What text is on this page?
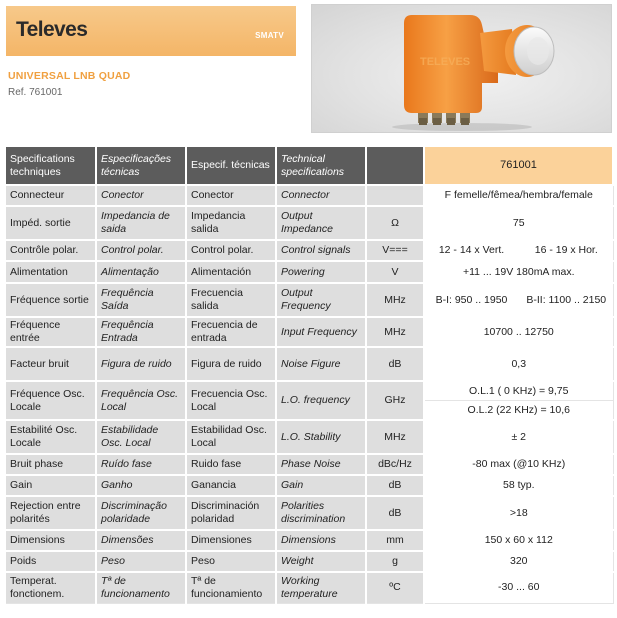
Televes	SMATV
UNIVERSAL LNB QUAD
Ref. 761001
TELEVES
Specifications techniques	Especificações técnicas	Especif. técnicas	Technical specifications		761001	
Connecteur	Conector	Conector	Connector		F femelle/fêmea/hembra/female	
Impéd. sortie	Impedancia de saida	Impedancia salida	Output Impedance	Ω	75	
Contrôle polar.	Control polar.	Control polar.	Control signals	V===	12 - 14 x Vert.	16 - 19 x Hor.
Alimentation	Alimentação	Alimentación	Powering	V	+11 ... 19V 180mA max.	
Fréquence sortie	Frequência Saída	Frecuencia salida	Output Frequency	MHz	B-I: 950 .. 1950	B-II: 1100 .. 2150
Fréquence entrée	Frequência Entrada	Frecuencia de entrada	Input Frequency	MHz	10700 .. 12750	
Facteur bruit	Figura de ruido	Figura de ruido	Noise Figure	dB	0,3	
Fréquence Osc. Locale	Frequência Osc. Local	Frecuencia Osc. Local	L.O. frequency	GHz	O.L.1 ( 0 KHz) = 9,75
O.L.2 (22 KHz) = 10,6	

Estabilité Osc. Locale	Estabilidade Osc. Local	Estabilidad Osc. Local	L.O. Stability	MHz	± 2	
Bruit phase	Ruído fase	Ruido fase	Phase Noise	dBc/Hz	-80 max (@10 KHz)	
Gain	Ganho	Ganancia	Gain	dB	58 typ.	
Rejection entre polarités	Discriminação polaridade	Discriminación polaridad	Polarities discrimination	dB	>18	
Dimensions	Dimensões	Dimensiones	Dimensions	mm	150 x 60 x 112	
Poids	Peso	Peso	Weight	g	320	
Temperat. fonctionem.	Tª de funcionamento	Tª de funcionamiento	Working temperature	ºC	-30 ... 60	
